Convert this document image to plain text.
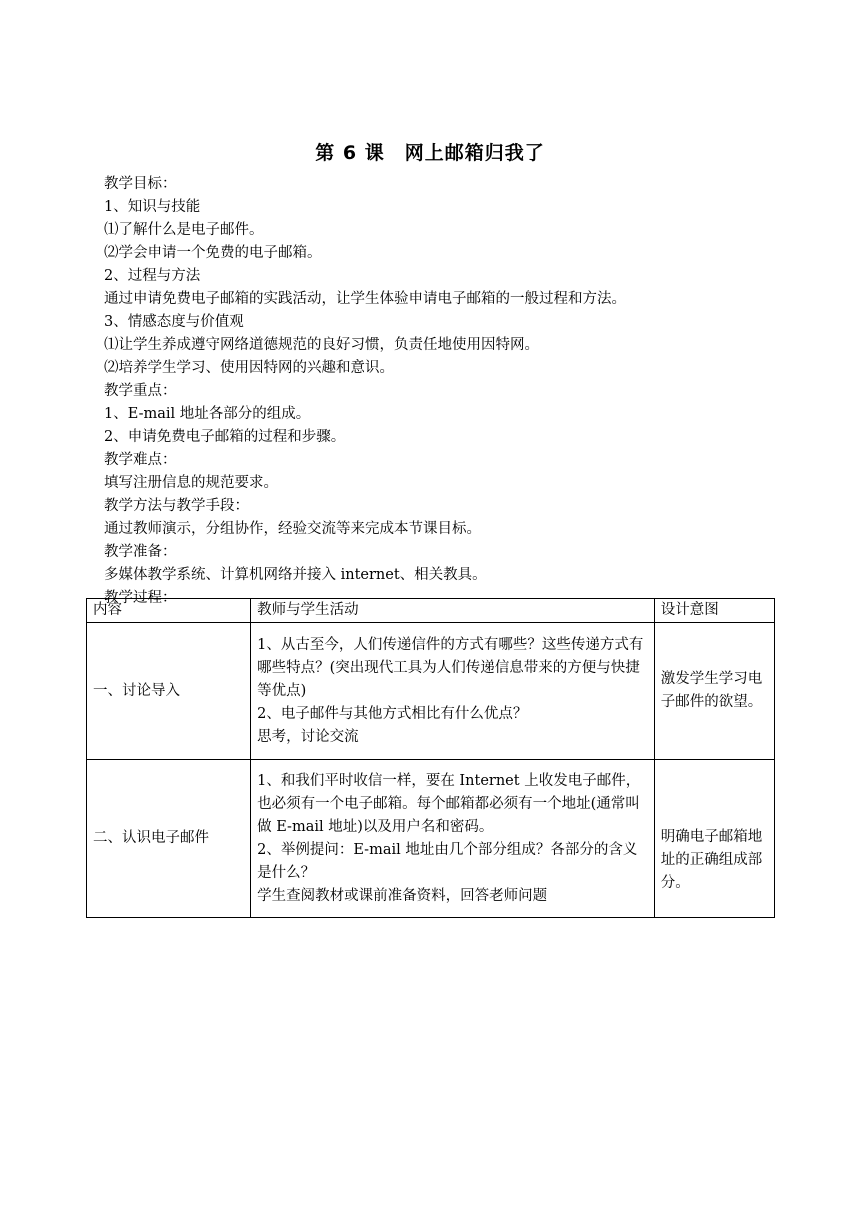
第 6 课　网上邮箱归我了
教学目标：
1、知识与技能
⑴了解什么是电子邮件。
⑵学会申请一个免费的电子邮箱。
2、过程与方法
通过申请免费电子邮箱的实践活动，让学生体验申请电子邮箱的一般过程和方法。
3、情感态度与价值观
⑴让学生养成遵守网络道德规范的良好习惯，负责任地使用因特网。
⑵培养学生学习、使用因特网的兴趣和意识。
教学重点：
1、E-mail 地址各部分的组成。
2、申请免费电子邮箱的过程和步骤。
教学难点：
填写注册信息的规范要求。
教学方法与教学手段：
通过教师演示，分组协作，经验交流等来完成本节课目标。
教学准备：
多媒体教学系统、计算机网络并接入 internet、相关教具。
教学过程：
内容	教师与学生活动	设计意图
一、讨论导入	1、从古至今，人们传递信件的方式有哪些？这些传递方式有哪些特点？(突出现代工具为人们传递信息带来的方便与快捷等优点)
2、电子邮件与其他方式相比有什么优点？
思考，讨论交流	激发学生学习电子邮件的欲望。
二、认识电子邮件	1、和我们平时收信一样，要在 Internet 上收发电子邮件，也必须有一个电子邮箱。每个邮箱都必须有一个地址(通常叫做 E-mail 地址)以及用户名和密码。
2、举例提问：E-mail 地址由几个部分组成？各部分的含义是什么？
学生查阅教材或课前准备资料，回答老师问题	明确电子邮箱地址的正确组成部分。
